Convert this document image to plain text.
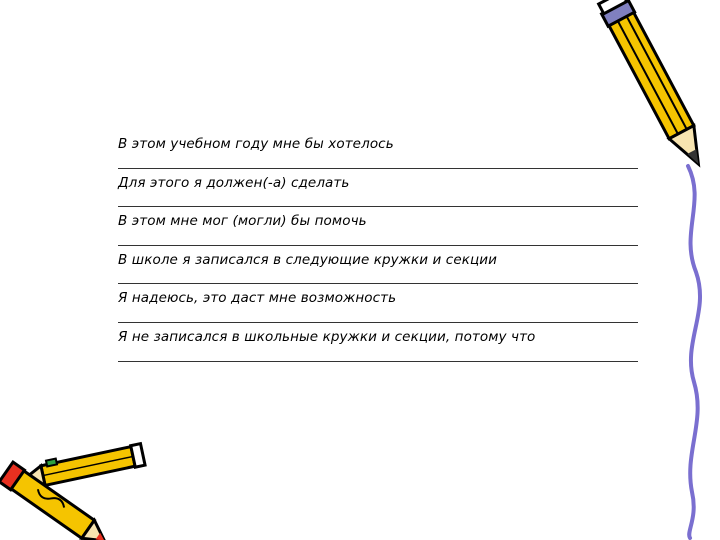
В этом учебном году мне бы хотелось
Для этого я должен(-а) сделать
В этом мне мог (могли) бы помочь
В школе я записался в следующие кружки и секции
Я надеюсь, это даст мне возможность
Я не записался в школьные кружки и секции, потому что
